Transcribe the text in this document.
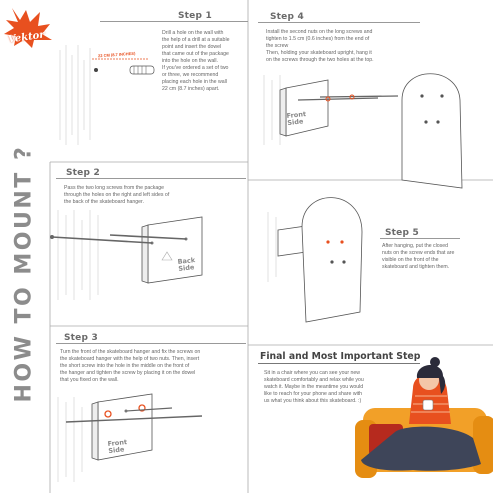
Vektor
HOW TO MOUNT ?
Step 1
Drill a hole on the wall with
the help of a drill at a suitable
point and insert the dowel
that came out of the package
into the hole on the wall.
If you've ordered a set of two
or three, we recommend
placing each hole in the wall
22 cm (8.7 inches) apart.
22 CM (8.7 INCHES)
Step 2
Pass the two long screws from the package
through the holes on the right and left sides of
the back of the skateboard hanger.
Back
Side
Step 3
Turn the front of the skateboard hanger and fix the screws on
the skateboard hanger with the help of two nuts. Then, insert
the short screw into the hole in the middle on the front of
the hanger and tighten the screw by placing it on the dowel
that you fixed on the wall.
Front
Side
Step 4
Install the second nuts on the long screws and
tighten to 1.5 cm (0.6 inches) from the end of
the screw
Then, holding your skateboard upright, hang it
on the screws through the two holes at the top.
Front
Side
Step 5
After hanging, put the closed
nuts on the screw ends that are
visible on the front of the
skateboard and tighten them.
Final and Most Important Step
Sit in a chair where you can see your new
skateboard comfortably and relax while you
watch it. Maybe in the meantime you would
like to reach for your phone and share with
us what you think about this skateboard. :)
